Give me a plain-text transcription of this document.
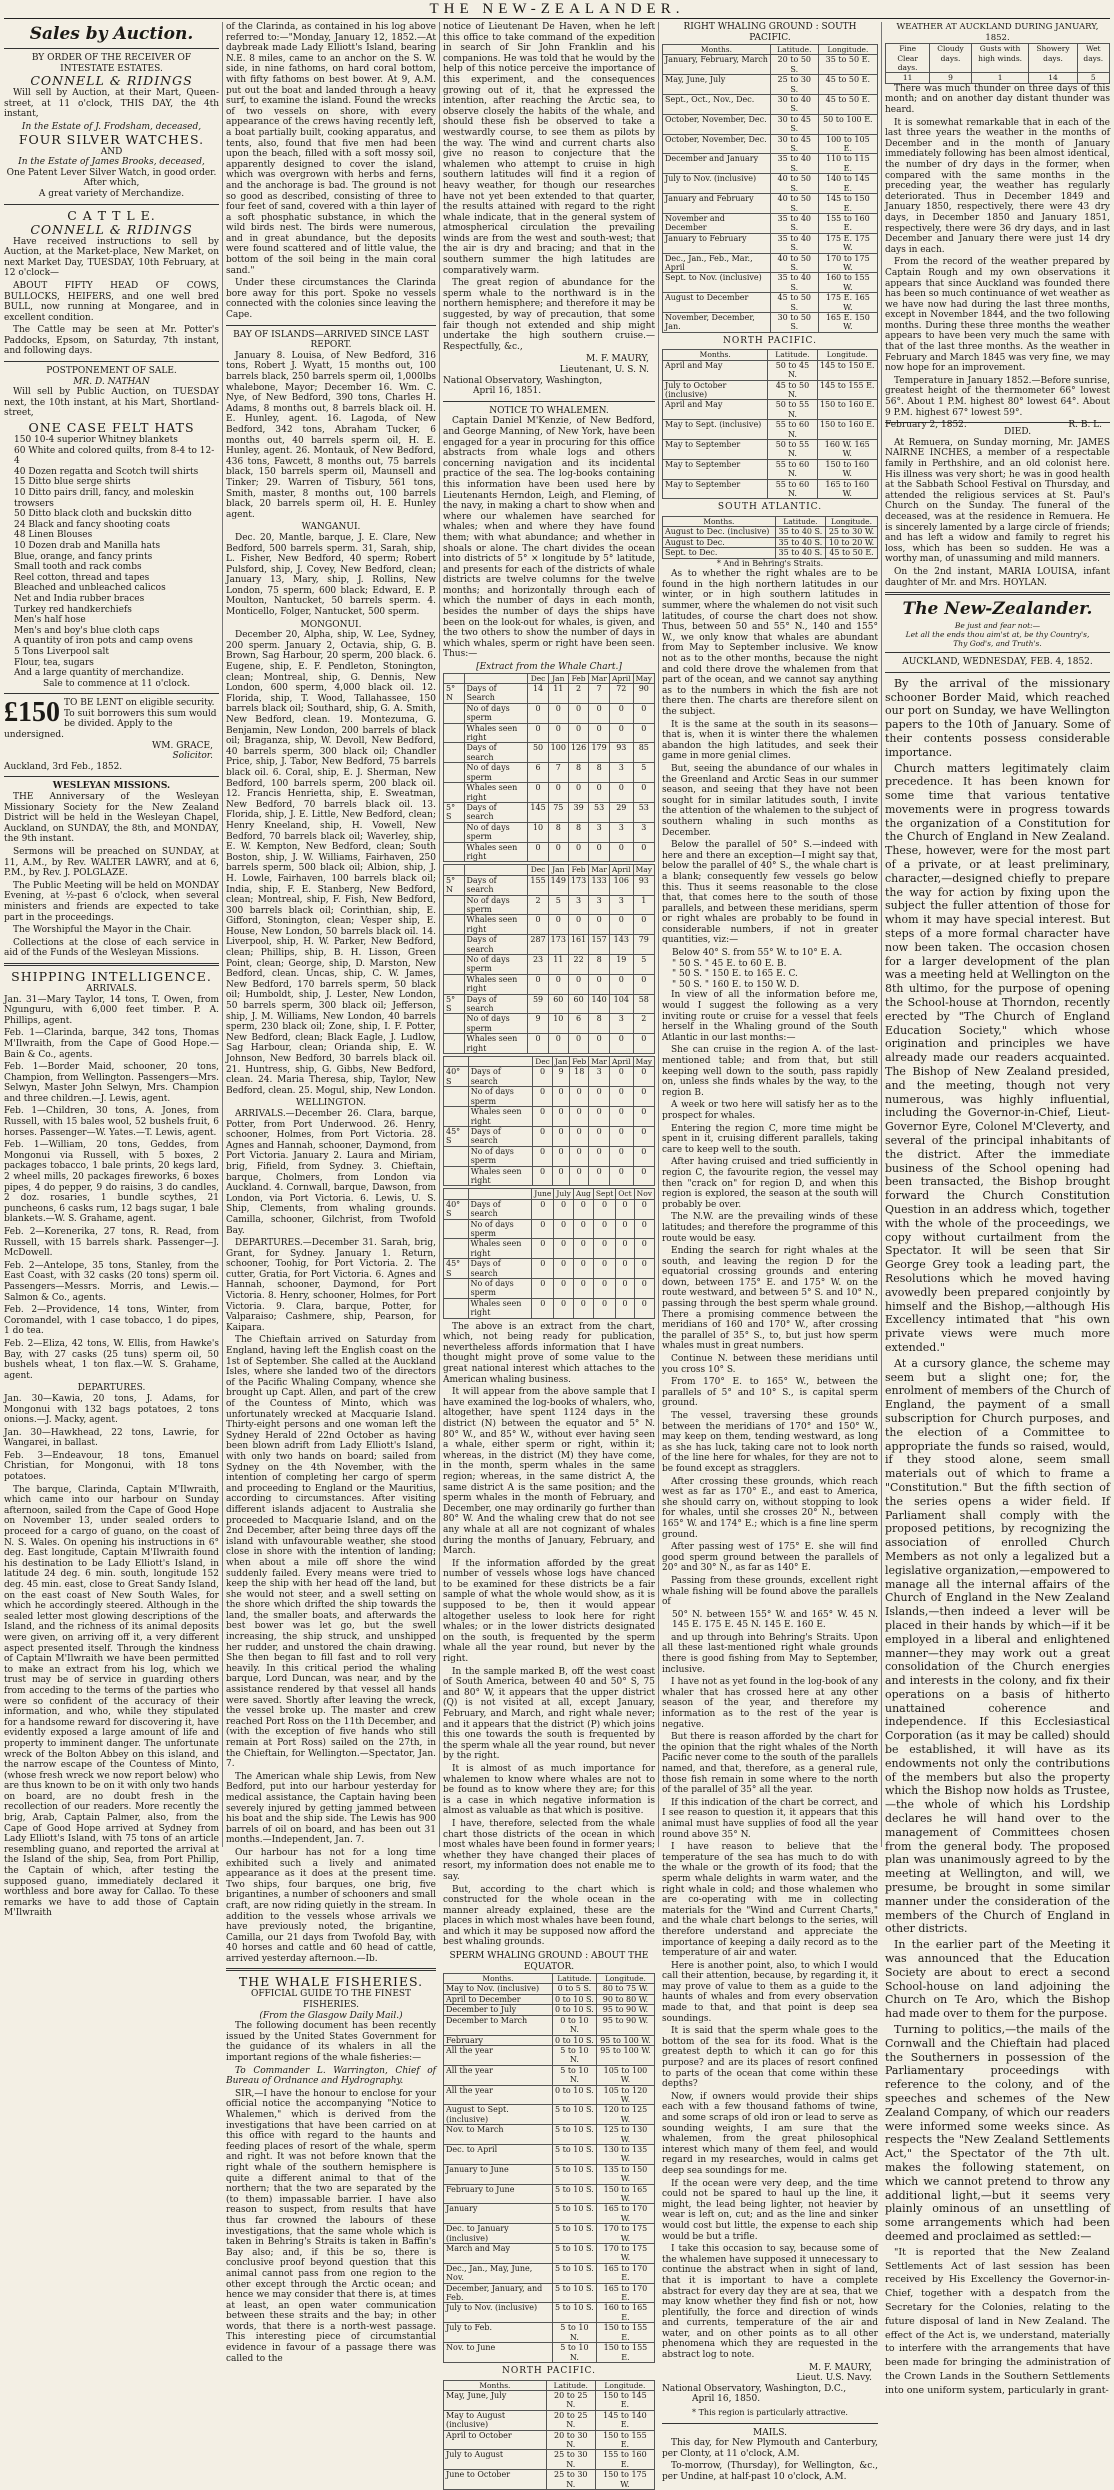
THE NEW-ZEALANDER.
Sales by Auction.
BY ORDER OF THE RECEIVER OF INTESTATE ESTATES.
CONNELL & RIDINGS

Will sell by Auction, at their Mart, Queen-street, at 11 o'clock, THIS DAY, the 4th instant,

In the Estate of J. Frodsham, deceased,
FOUR SILVER WATCHES.
AND
In the Estate of James Brooks, deceased,
One Patent Lever Silver Watch, in good order.
After which,
A great variety of Merchandize.
C A T T L E.
CONNELL & RIDINGS

Have received instructions to sell by Auction, at the Market-place, New Market, on next Market Day, TUESDAY, 10th February, at 12 o'clock—

ABOUT FIFTY HEAD OF COWS, BULLOCKS, HEIFERS, and one well bred BULL, now running at Mongaree, and in excellent condition.

The Cattle may be seen at Mr. Potter's Paddocks, Epsom, on Saturday, 7th instant, and following days.

POSTPONEMENT OF SALE.
MR. D. NATHAN

Will sell by Public Auction, on TUESDAY next, the 10th instant, at his Mart, Shortland-street,

ONE CASE FELT HATS
150 10-4 superior Whitney blankets
60 White and colored quilts, from 8-4 to 12-4
40 Dozen regatta and Scotch twill shirts
15 Ditto blue serge shirts
10 Ditto pairs drill, fancy, and moleskin trowsers
50 Ditto black cloth and buckskin ditto
24 Black and fancy shooting coats
48 Linen Blouses
10 Dozen drab and Manilla hats
Blue, orange, and fancy prints
Small tooth and rack combs
Reel cotton, thread and tapes
Bleached and unbleached calicos
Net and India rubber braces
Turkey red handkerchiefs
Men's half hose
Men's and boy's blue cloth caps
A quantity of iron pots and camp ovens
5 Tons Liverpool salt
Flour, tea, sugars
And a large quantity of merchandize.
Sale to commence at 11 o'clock.
£150 TO BE LENT on eligible security. To suit borrowers this sum would be divided. Apply to the undersigned.
WM. GRACE,
Solicitor.
Auckland, 3rd Feb., 1852.
WESLEYAN MISSIONS.

THE Anniversary of the Wesleyan Missionary Society for the New Zealand District will be held in the Wesleyan Chapel, Auckland, on SUNDAY, the 8th, and MONDAY, the 9th instant.

Sermons will be preached on SUNDAY, at 11, A.M., by Rev. WALTER LAWRY, and at 6, P.M., by Rev. J. POLGLAZE.

The Public Meeting will be held on MONDAY Evening, at ½-past 6 o'clock, when several ministers and friends are expected to take part in the proceedings.

The Worshipful the Mayor in the Chair.

Collections at the close of each service in aid of the Funds of the Wesleyan Missions.

SHIPPING INTELLIGENCE.
ARRIVALS.

Jan. 31—Mary Taylor, 14 tons, T. Owen, from Ngunguru, with 6,000 feet timber. P. A. Phillips, agent.

Feb. 1—Clarinda, barque, 342 tons, Thomas M'Ilwraith, from the Cape of Good Hope.—Bain & Co., agents.

Feb. 1—Border Maid, schooner, 20 tons, Champion, from Wellington. Passengers—Mrs. Selwyn, Master John Selwyn, Mrs. Champion and three children.—J. Lewis, agent.

Feb. 1—Children, 30 tons, A. Jones, from Russell, with 15 bales wool, 52 bushels fruit, 6 horses. Passenger—W. Yates.—T. Lewis, agent.

Feb. 1—William, 20 tons, Geddes, from Mongonui via Russell, with 5 boxes, 2 packages tobacco, 1 bale prints, 20 kegs lard, 2 wheel mills, 20 packages fireworks, 6 boxes pipes, 4 do pepper, 9 do raisins, 3 do candles, 2 doz. rosaries, 1 bundle scythes, 21 puncheons, 6 casks rum, 12 bags sugar, 1 bale blankets.—W. S. Grahame, agent.

Feb. 2—Korenerika, 27 tons, R. Read, from Russell, with 15 barrels shark. Passenger—J. McDowell.

Feb. 2—Antelope, 35 tons, Stanley, from the East Coast, with 32 casks (20 tons) sperm oil. Passengers—Messrs. Morris, and Lewis.—Salmon & Co., agents.

Feb. 2—Providence, 14 tons, Winter, from Coromandel, with 1 case tobacco, 1 do pipes, 1 do tea.

Feb. 2—Eliza, 42 tons, W. Ellis, from Hawke's Bay, with 27 casks (25 tuns) sperm oil, 50 bushels wheat, 1 ton flax.—W. S. Grahame, agent.

DEPARTURES.

Jan. 30—Kawia, 20 tons, J. Adams, for Mongonui with 132 bags potatoes, 2 tons onions.—J. Macky, agent.

Jan. 30—Hawkhead, 22 tons, Lawrie, for Wangarei, in ballast.

Feb. 3—Endeavour, 18 tons, Emanuel Christian, for Mongonui, with 18 tons potatoes.

The barque, Clarinda, Captain M'Ilwraith, which came into our harbour on Sunday afternoon, sailed from the Cape of Good Hope on November 13, under sealed orders to proceed for a cargo of guano, on the coast of N. S. Wales. On opening his instructions in 6° deg. East longitude, Captain M'Ilwraith found his destination to be Lady Elliott's Island, in latitude 24 deg. 6 min. south, longitude 152 deg. 45 min. east, close to Great Sandy Island, on the east coast of New South Wales, for which he accordingly steered. Although in the sealed letter most glowing descriptions of the Island, and the richness of its animal deposits were given, on arriving off it, a very different aspect presented itself. Through the kindness of Captain M'Ilwraith we have been permitted to make an extract from his log, which we trust may be of service in guarding others from acceding to the terms of the parties who were so confident of the accuracy of their information, and who, while they stipulated for a handsome reward for discovering it, have evidently exposed a large amount of life and property to imminent danger. The unfortunate wreck of the Bolton Abbey on this island, and the narrow escape of the Countess of Minto, (whose fresh wreck we now report below) who are thus known to be on it with only two hands on board, are no doubt fresh in the recollection of our readers. More recently the brig, Arab, Captain Palmer, also, from the Cape of Good Hope arrived at Sydney from Lady Elliott's Island, with 75 tons of an article resembling guano, and reported the arrival at the Island of the ship, Sea, from Port Phillip, the Captain of which, after testing the supposed guano, immediately declared it worthless and bore away for Callao. To these remarks we have to add those of Captain M'Ilwraith

of the Clarinda, as contained in his log above referred to:—"Monday, January 12, 1852.—At daybreak made Lady Elliott's Island, bearing N.E. 8 miles, came to an anchor on the S. W. side, in nine fathoms, on hard coral bottom, with fifty fathoms on best bower. At 9, A.M. put out the boat and landed through a heavy surf, to examine the island. Found the wrecks of two vessels on shore, with every appearance of the crews having recently left, a boat partially built, cooking apparatus, and tents, also, found that five men had been upon the beach, filled with a soft mossy soil, apparently designed to cover the island, which was overgrown with herbs and ferns, and the anchorage is bad. The ground is not so good as described, consisting of three to four feet of sand, covered with a thin layer of a soft phosphatic substance, in which the wild birds nest. The birds were numerous, and in great abundance, but the deposits were found scattered and of little value, the bottom of the soil being in the main coral sand."

Under these circumstances the Clarinda bore away for this port. Spoke no vessels connected with the colonies since leaving the Cape.

BAY OF ISLANDS—ARRIVED SINCE LAST REPORT.

January 8. Louisa, of New Bedford, 316 tons, Robert J. Wyatt, 15 months out, 100 barrels black, 250 barrels sperm oil, 1,000lbs whalebone, Mayor; December 16. Wm. C. Nye, of New Bedford, 390 tons, Charles H. Adams, 8 months out, 8 barrels black oil. H. E. Hunley, agent. 16. Lagoda, of New Bedford, 342 tons, Abraham Tucker, 6 months out, 40 barrels sperm oil, H. E. Hunley, agent. 26. Montauk, of New Bedford, 436 tons, Fawcett, 8 months out, 75 barrels black, 150 barrels sperm oil, Maunsell and Tinker; 29. Warren of Tisbury, 561 tons, Smith, master, 8 months out, 100 barrels black, 20 barrels sperm oil, H. E. Hunley agent.

WANGANUI.

Dec. 20, Mantle, barque, J. E. Clare, New Bedford, 500 barrels sperm. 31, Sarah, ship, L. Fisher, New Bedford, 40 sperm; Robert Pulsford, ship, J. Covey, New Bedford, clean; January 13, Mary, ship, J. Rollins, New London, 75 sperm, 600 black; Edward, E. P. Moulton, Nantucket, 50 barrels sperm. 4. Monticello, Folger, Nantucket, 500 sperm.

MONGONUI.

December 20, Alpha, ship, W. Lee, Sydney, 200 sperm. January 2, Octavia, ship, G. B. Brown, Sag Harbour, 20 sperm, 200 black. 6. Eugene, ship, E. F. Pendleton, Stonington, clean; Montreal, ship, G. Dennis, New London, 600 sperm, 4,000 black oil. 12. Florida, ship, T. Wood, Tallahassee, 150 barrels black oil; Southard, ship, G. A. Smith, New Bedford, clean. 19. Montezuma, G. Benjamin, New London, 200 barrels of black oil; Braganza, ship, W. Devoll, New Bedford, 40 barrels sperm, 300 black oil; Chandler Price, ship, J. Tabor, New Bedford, 75 barrels black oil. 6. Coral, ship, E. J. Sherman, New Bedford, 100 barrels sperm, 200 black oil. 12. Francis Henrietta, ship, E. Sweatman, New Bedford, 70 barrels black oil. 13. Florida, ship, J. E. Little, New Bedford, clean; Henry Kneeland, ship, H. Vowell, New Bedford, 70 barrels black oil; Waverley, ship, E. W. Kempton, New Bedford, clean; South Boston, ship, J. W. Williams, Fairhaven, 250 barrels sperm, 500 black oil; Albion, ship, J. H. Lowle, Fairhaven, 100 barrels black oil; India, ship, F. E. Stanberg, New Bedford, clean; Montreal, ship, F. Fish, New Bedford, 300 barrels black oil; Corinthian, ship, E. Gifford, Stonington, clean; Vesper ship, E. House, New London, 50 barrels black oil. 14. Liverpool, ship, H. W. Parker, New Bedford, clean; Phillips, ship, B. H. Lisson, Green Point, clean; George, ship, D. Marston, New Bedford, clean. Uncas, ship, C. W. James, New Bedford, 170 barrels sperm, 50 black oil; Humboldt, ship, J. Lester, New London, 50 barrels sperm, 300 black oil; Jefferson, ship, J. M. Williams, New London, 40 barrels sperm, 230 black oil; Zone, ship, I. F. Potter, New Bedford, clean; Black Eagle, J. Ludlow, Sag Harbour, clean; Orianda ship, E. W. Johnson, New Bedford, 30 barrels black oil. 21. Huntress, ship, G. Gibbs, New Bedford, clean. 24. Maria Theresa, ship, Taylor, New Bedford, clean. 25. Mogul, ship, New London.

WELLINGTON.

ARRIVALS.—December 26. Clara, barque, Potter, from Port Underwood. 26. Henry, schooner, Holmes, from Port Victoria. 28. Agnes and Hannah, schooner, Daymond, from Port Victoria. January 2. Laura and Miriam, brig, Fifield, from Sydney. 3. Chieftain, barque, Cholmers, from London via Auckland. 4. Cornwall, barque, Dawson, from London, via Port Victoria. 6. Lewis, U. S. Ship, Clements, from whaling grounds. Camilla, schooner, Gilchrist, from Twofold Bay.

DEPARTURES.—December 31. Sarah, brig, Grant, for Sydney. January 1. Return, schooner, Toohig, for Port Victoria. 2. The cutter, Gratia, for Port Victoria. 6. Agnes and Hannah, schooner, Daymond, for Port Victoria. 8. Henry, schooner, Holmes, for Port Victoria. 9. Clara, barque, Potter, for Valparaiso; Cashmere, ship, Pearson, for Kaipara.

The Chieftain arrived on Saturday from England, having left the English coast on the 1st of September. She called at the Auckland Isles, where she landed two of the directors of the Pacific Whaling Company, whence she brought up Capt. Allen, and part of the crew of the Countess of Minto, which was unfortunately wrecked at Macquarie Island. Thirty-eight persons and one woman left the Sydney Herald of 22nd October as having been blown adrift from Lady Elliott's Island, with only two hands on board; sailed from Sydney on the 4th November, with the intention of completing her cargo of sperm and proceeding to England or the Mauritius, according to circumstances. After visiting different islands adjacent to Australia she proceeded to Macquarie Island, and on the 2nd December, after being three days off the island with unfavourable weather, she stood close in shore with the intention of landing; when about a mile off shore the wind suddenly failed. Every means were tried to keep the ship with her head off the land, but she would not steer, and a swell setting on the shore which drifted the ship towards the land, the smaller boats, and afterwards the best bower was let go, but the swell increasing, the ship struck, and unshipped her rudder, and unstored the chain drawing. She then began to fill fast and to roll very heavily. In this critical period the whaling barque, Lord Duncan, was near, and by the assistance rendered by that vessel all hands were saved. Shortly after leaving the wreck, the vessel broke up. The master and crew reached Port Ross on the 11th December, and (with the exception of five hands who still remain at Port Ross) sailed on the 27th, in the Chieftain, for Wellington.—Spectator, Jan. 7.

The American whale ship Lewis, from New Bedford, put into our harbour yesterday for medical assistance, the Captain having been severely injured by getting jammed between his boat and the ship side. The Lewis has 900 barrels of oil on board, and has been out 31 months.—Independent, Jan. 7.

Our harbour has not for a long time exhibited such a lively and animated appearance as it does at the present time. Two ships, four barques, one brig, five brigantines, a number of schooners and small craft, are now riding quietly in the stream. In addition to the vessels whose arrivals we have previously noted, the brigantine, Camilla, our 21 days from Twofold Bay, with 40 horses and cattle and 60 head of cattle, arrived yesterday afternoon.—Ib.

THE WHALE FISHERIES.
OFFICIAL GUIDE TO THE FINEST FISHERIES.
(From the Glasgow Daily Mail.)

The following document has been recently issued by the United States Government for the guidance of its whalers in all the important regions of the whale fisheries:—

To Commander L. Warrington, Chief of Bureau of Ordnance and Hydrography.

SIR,—I have the honour to enclose for your official notice the accompanying "Notice to Whalemen," which is derived from the investigations that have been carried on at this office with regard to the haunts and feeding places of resort of the whale, sperm and right. It was not before known that the right whale of the southern hemisphere is quite a different animal to that of the northern; that the two are separated by the (to them) impassable barrier. I have also reason to suspect, from results that have thus far crowned the labours of these investigations, that the same whole which is taken in Behring's Straits is taken in Baffin's Bay also; and, if this be so, there is conclusive proof beyond question that this animal cannot pass from one region to the other except through the Arctic ocean; and hence we may consider that there is, at times at least, an open water communication between these straits and the bay; in other words, that there is a north-west passage. This interesting piece of circumstantial evidence in favour of a passage there was called to the

notice of Lieutenant De Haven, when he left this office to take command of the expedition in search of Sir John Franklin and his companions. He was told that he would by the help of this notice perceive the importance of this experiment, and the consequences growing out of it, that he expressed the intention, after reaching the Arctic sea, to observe closely the habits of the whale, and should these fish be observed to take a westwardly course, to see them as pilots by the way. The wind and current charts also give no reason to conjecture that the whalemen who attempt to cruise in high southern latitudes will find it a region of heavy weather, for though our researches have not yet been extended to that quarter, the results attained with regard to the right whale indicate, that in the general system of atmospherical circulation the prevailing winds are from the west and south-west; that the air is dry and bracing; and that in the southern summer the high latitudes are comparatively warm.

The great region of abundance for the sperm whale to the northward is in the northern hemisphere; and therefore it may be suggested, by way of precaution, that some fair though not extended and ship might undertake the high southern cruise.—Respectfully, &c.,

M. F. MAURY,
Lieutenant, U. S. N.
National Observatory, Washington,
April 16, 1851.
NOTICE TO WHALEMEN.

Captain Daniel M'Kenzie, of New Bedford, and George Manning, of New York, have been engaged for a year in procuring for this office abstracts from whale logs and others concerning navigation and its incidental practice of the sea. The log-books containing this information have been used here by Lieutenants Herndon, Leigh, and Fleming, of the navy, in making a chart to show when and where our whalemen have searched for whales; when and where they have found them; with what abundance; and whether in shoals or alone. The chart divides the ocean into districts of 5° × longitude by 5° latitude, and presents for each of the districts of whale districts are twelve columns for the twelve months; and horizontally through each of which the number of days in each month, besides the number of days the ships have been on the look-out for whales, is given, and the two others to show the number of days in which whales, sperm or right have been seen. Thus:—

[Extract from the Whale Chart.]
		Dec	Jan	Feb	Mar	April	May
5° N	Days of Search	14	11	2	7	72	90
	No of days sperm	0	0	0	0	0	0
	Whales seen right	0	0	0	0	0	0
	Days of search	50	100	126	179	93	85
	No of days sperm	6	7	8	8	3	5
	Whales seen right	0	0	0	0	0	0
5° S	Days of search	145	75	39	53	29	53
	No of days sperm	10	8	8	3	3	3
	Whales seen right	0	0	0	0	0	0
		Dec	Jan	Feb	Mar	April	May
5° N	Days of search	155	149	173	133	106	93
	No of days sperm	2	5	3	3	3	1
	Whales seen right	0	0	0	0	0	0
	Days of search	287	173	161	157	143	79
	No of days sperm	23	11	22	8	19	5
	Whales seen right	0	0	0	0	0	0
5° S	Days of search	59	60	60	140	104	58
	No of days sperm	9	10	6	8	3	2
	Whales seen right	0	0	0	0	0	0
		Dec	Jan	Feb	Mar	April	May
40° S	Days of search	0	9	18	3	0	0
	No of days sperm	0	0	0	0	0	0
	Whales seen right	0	0	0	0	0	0
45° S	Days of search	0	0	0	0	0	0
	No of days sperm	0	0	0	0	0	0
	Whales seen right	0	0	0	0	0	0
		June	July	Aug	Sept	Oct	Nov
40° S	Days of search	0	0	0	0	0	0
	No of days sperm	0	0	0	0	0	0
	Whales seen right	0	0	0	0	0	0
45° S	Days of search	0	0	0	0	0	0
	No of days sperm	0	0	0	0	0	0
	Whales seen right	0	0	0	0	0	0

The above is an extract from the chart, which, not being ready for publication, nevertheless affords information that I have thought might prove of some value to the great national interest which attaches to the American whaling business.

It will appear from the above sample that I have examined the log-books of whalers, who, altogether, have spent 1124 days in the district (N) between the equator and 5° N. 80° W., and 85° W., without ever having seen a whale, either sperm or right, within it; whereas, in the district (M) they have come, in the month, sperm whales in the same region; whereas, in the same district A, the same district A is the same position; and the sperm whales in the month of February, and December, one may ordinarily go further than 80° W. And the whaling crew that do not see any whale at all are not cognizant of whales during the months of January, February, and March.

If the information afforded by the great number of vessels whose logs have chanced to be examined for these districts be a fair sample of what the whole would show, as it is supposed to be, then it would appear altogether useless to look here for right whales; or in the lower districts designated on the south, is frequented by the sperm whale all the year round, but never by the right.

In the sample marked B, off the west coast of South America, between 40 and 50° S, 75 and 80° W, it appears that the upper district (Q) is not visited at all, except January, February, and March, and right whale never; and it appears that the district (P) which joins this one towards the south is frequented by the sperm whale all the year round, but never by the right.

It is almost of as much importance for whalemen to know where whales are not to be found as to know where they are; for this is a case in which negative information is almost as valuable as that which is positive.

I have, therefore, selected from the whale chart those districts of the ocean in which most whales have been found in former years; whether they have changed their places of resort, my information does not enable me to say.

But, according to the chart which is constructed for the whole ocean in the manner already explained, these are the places in which most whales have been found, and which it may be supposed now afford the best whaling grounds.

SPERM WHALING GROUND : ABOUT THE EQUATOR.
Months.	Latitude.	Longitude.
May to Nov. (inclusive)	0 to 5 S.	80 to 75 W.
April to December	0 to 10 S.	90 to 80 W.
December to July	0 to 10 S.	95 to 90 W.
December to March	0 to 10 N.	95 to 90 W.
February	0 to 10 S.	95 to 100 W.
All the year	5 to 10 N.	95 to 100 W.
All the year	5 to 10 N.	105 to 100 W.
All the year	0 to 10 S.	105 to 120 W.
August to Sept. (inclusive)	5 to 10 S.	120 to 125 W.
Nov. to March	5 to 10 S.	125 to 130 W.
Dec. to April	5 to 10 S.	130 to 135 W.
January to June	5 to 10 S.	135 to 150 W.
February to June	5 to 10 S.	150 to 165 W.
January	5 to 10 S.	165 to 170 W.
Dec. to January (inclusive)	5 to 10 S.	170 to 175 W.
March and May	5 to 10 S.	170 to 175 W.
Dec., Jan., May, June, Nov.	5 to 10 S.	165 to 170 E.
December, January, and Feb.	5 to 10 S.	165 to 170 E.
July to Nov. (inclusive)	5 to 10 S.	160 to 165 E.
July to Feb.	5 to 10 N.	150 to 155 E.
Nov. to June	5 to 10 N.	150 to 155 E.
NORTH PACIFIC.
Months.	Latitude.	Longitude.
May, June, July	20 to 25 N.	150 to 145 E.
May to August (inclusive)	20 to 25 N.	145 to 140 E.
April to October	20 to 30 N.	150 to 155 E.
July to August	25 to 30 N.	155 to 160 E.
June to October	25 to 30 N.	150 to 175 W.
RIGHT WHALING GROUND : SOUTH PACIFIC.
Months.	Latitude.	Longitude.
January, February, March	20 to 50 S.	35 to 50 E.
May, June, July	25 to 30 S.	45 to 50 E.
Sept., Oct., Nov., Dec.	30 to 40 S.	45 to 50 E.
October, November, Dec.	30 to 45 S.	50 to 100 E.
October, November, Dec.	30 to 45 S.	100 to 105 E.
December and January	35 to 40 S.	110 to 115 E.
July to Nov. (inclusive)	40 to 50 S.	140 to 145 E.
January and February	40 to 50 S.	145 to 150 E.
November and December	35 to 40 S.	155 to 160 E.
January to February	35 to 40 S.	175 E. 175 W.
Dec., Jan., Feb., Mar., April	40 to 50 S.	170 to 175 W.
Sept. to Nov. (inclusive)	35 to 40 S.	160 to 155 W.
August to December	45 to 50 S.	175 E. 165 W.
November, December, Jan.	30 to 50 S.	165 E. 150 W.
NORTH PACIFIC.
Months.	Latitude.	Longitude.
April and May	50 to 45 N.	145 to 150 E.
July to October (inclusive)	45 to 50 N.	145 to 155 E.
April and May	50 to 55 N.	150 to 160 E.
May to Sept. (inclusive)	55 to 60 N.	150 to 160 E.
May to September	50 to 55 N.	160 W. 165 W.
May to September	55 to 60 N.	150 to 160 W.
May to September	55 to 60 N.	165 to 160 W.
SOUTH ATLANTIC.
Months.	Latitude.	Longitude.
August to Dec. (inclusive)	35 to 40 S.	25 to 30 W.
August to Dec.	35 to 40 S.	10 to 20 W.
Sept. to Dec.	35 to 40 S.	45 to 50 E.
* And in Behring's Straits.

As to whether the right whales are to be found in the high northern latitudes in our winter, or in high southern latitudes in summer, where the whalemen do not visit such latitudes, of course the chart does not show. Thus, between 50 and 55° N., 140 and 155° W., we only know that whales are abundant from May to September inclusive. We know not as to the other months, because the night and cold there drove the whalemen from that part of the ocean, and we cannot say anything as to the numbers in which the fish are not there then. The charts are therefore silent on the subject.

It is the same at the south in its seasons—that is, when it is winter there the whalemen abandon the high latitudes, and seek their game in more genial climes.

But, seeing the abundance of our whales in the Greenland and Arctic Seas in our summer season, and seeing that they have not been sought for in similar latitudes south, I invite the attention of the whalemen to the subject of southern whaling in such months as December.

Below the parallel of 50° S.—indeed with here and there an exception—I might say that, below the parallel of 40° S., the whale chart is a blank; consequently few vessels go below this. Thus it seems reasonable to the close that, that comes here to the south of those parallels, and between these meridians, sperm or right whales are probably to be found in considerable numbers, if not in greater quantities, viz:—

Below 40° S. from 55° W. to 10° E. A.
" 50 S. " 45 E. to 60 E. B.
" 50 S. " 150 E. to 165 E. C.
" 50 S. " 160 E. to 150 W. D.

In view of all the information before me, would I suggest the following as a very inviting route or cruise for a vessel that feels herself in the Whaling ground of the South Atlantic in our last months:—

She can cruise in the region A. of the last-mentioned table; and from that, but still keeping well down to the south, pass rapidly on, unless she finds whales by the way, to the region B.

A week or two here will satisfy her as to the prospect for whales.

Entering the region C, more time might be spent in it, cruising different parallels, taking care to keep well to the south.

After having cruised and tried sufficiently in region C, the favourite region, the vessel may then "crack on" for region D, and when this region is explored, the season at the south will probably be over.

The N.W. are the prevailing winds of these latitudes; and therefore the programme of this route would be easy.

Ending the search for right whales at the south, and leaving the region D for the equatorial crossing grounds and entering down, between 175° E. and 175° W. on the route westward, and between 5° S. and 10° N., passing through the best sperm whale ground. There a promising commence between the meridians of 160 and 170° W., after crossing the parallel of 35° S., to, but just how sperm whales must in great numbers.

Continue N. between these meridians until you cross 10° S.

From 170° E. to 165° W., between the parallels of 5° and 10° S., is capital sperm ground.

The vessel, traversing these grounds between the meridians of 170° and 150° W., may keep on them, tending westward, as long as she has luck, taking care not to look north of the line here for whales, for they are not to be found except as stragglers.

After crossing these grounds, which reach west as far as 170° E., and east to America, she should carry on, without stopping to look for whales, until she crosses 20° N., between 165° W. and 174° E.; which is a fine line sperm ground.

After passing west of 175° E. she will find good sperm ground between the parallels of 20° and 30° N., as far as 140° E.

Passing from these grounds, excellent right whale fishing will be found above the parallels of

50° N. between 155° W. and 165° W. 45 N. 145 E. 175 E. 45 N. 145 E. 160 E.

and up through into Behring's Straits. Upon all these last-mentioned right whale grounds there is good fishing from May to September, inclusive.

I have not as yet found in the log-book of any whaler that has crossed here at any other season of the year, and therefore my information as to the rest of the year is negative.

But there is reason afforded by the chart for the opinion that the right whales of the North Pacific never come to the south of the parallels named, and that, therefore, as a general rule, those fish remain in some where to the north of the parallel of 35° all the year.

If this indication of the chart be correct, and I see reason to question it, it appears that this animal must have supplies of food all the year round above 35° N.

I have reason to believe that the temperature of the sea has much to do with the whale or the growth of its food; that the sperm whale delights in warm water, and the right whale in cold; and those whalemen who are co-operating with me in collecting materials for the "Wind and Current Charts," and the whale chart belongs to the series, will therefore understand and appreciate the importance of keeping a daily record as to the temperature of air and water.

Here is another point, also, to which I would call their attention, because, by regarding it, it may prove of value to them as a guide to the haunts of whales and from every observation made to that, and that point is deep sea soundings.

It is said that the sperm whale goes to the bottom of the sea for its food. What is the greatest depth to which it can go for this purpose? and are its places of resort confined to parts of the ocean that come within these depths?

Now, if owners would provide their ships each with a few thousand fathoms of twine, and some scraps of old iron or lead to serve as sounding weights, I am sure that the whalemen, from the great philosophical interest which many of them feel, and would regard in my researches, would in calms get deep sea soundings for me.

If the ocean were very deep, and the time could not be spared to haul up the line, it might, the lead being lighter, not heavier by wear is left on, cut; and as the line and sinker would cost but little, the expense to each ship would be but a trifle.

I take this occasion to say, because some of the whalemen have supposed it unnecessary to continue the abstract when in sight of land, that it is important to have a complete abstract for every day they are at sea, that we may know whether they find fish or not, how plentifully, the force and direction of winds and currents, temperature of the air and water, and on other points as to all other phenomena which they are requested in the abstract log to note.

M. F. MAURY,
Lieut. U.S. Navy.
National Observatory, Washington, D.C.,
April 16, 1850.
* This region is particularly attractive.
MAILS.

This day, for New Plymouth and Canterbury, per Clonty, at 11 o'clock, A.M.

To-morrow, (Thursday), for Wellington, &c., per Undine, at half-past 10 o'clock, A.M.

WEATHER AT AUCKLAND DURING JANUARY, 1852.
Fine Clear days.	Cloudy days.	Gusts with high winds.	Showery days.	Wet days.
11	9	1	14	5

There was much thunder on three days of this month; and on another day distant thunder was heard.

It is somewhat remarkable that in each of the last three years the weather in the months of December and in the month of January immediately following has been almost identical, the number of dry days in the former, when compared with the same months in the preceding year, the weather has regularly deteriorated. Thus in December 1849 and January 1850, respectively, there were 43 dry days, in December 1850 and January 1851, respectively, there were 36 dry days, and in last December and January there were just 14 dry days in each.

From the record of the weather prepared by Captain Rough and my own observations it appears that since Auckland was founded there has been so much continuance of wet weather as we have now had during the last three months, except in November 1844, and the two following months. During these three months the weather appears to have been very much the same with that of the last three months. As the weather in February and March 1845 was very fine, we may now hope for an improvement.

Temperature in January 1852.—Before sunrise, greatest height of the thermometer 66° lowest 56°. About 1 P.M. highest 80° lowest 64°. About 9 P.M. highest 67° lowest 59°.

February 2, 1852.	R. B. L.
DIED.

At Remuera, on Sunday morning, Mr. JAMES NAIRNE INCHES, a member of a respectable family in Perthshire, and an old colonist here. His illness was very short; he was in good health at the Sabbath School Festival on Thursday, and attended the religious services at St. Paul's Church on the Sunday. The funeral of the deceased, was at the residence in Remuera. He is sincerely lamented by a large circle of friends; and has left a widow and family to regret his loss, which has been so sudden. He was a worthy man, of unassuming and mild manners.

On the 2nd instant, MARIA LOUISA, infant daughter of Mr. and Mrs. HOYLAN.

The New-Zealander.
Be just and fear not:—
Let all the ends thou aim'st at, be thy Country's,
Thy God's, and Truth's.
AUCKLAND, WEDNESDAY, FEB. 4, 1852.

By the arrival of the missionary schooner Border Maid, which reached our port on Sunday, we have Wellington papers to the 10th of January. Some of their contents possess considerable importance.

Church matters legitimately claim precedence. It has been known for some time that various tentative movements were in progress towards the organization of a Constitution for the Church of England in New Zealand. These, however, were for the most part of a private, or at least preliminary, character,—designed chiefly to prepare the way for action by fixing upon the subject the fuller attention of those for whom it may have special interest. But steps of a more formal character have now been taken. The occasion chosen for a larger development of the plan was a meeting held at Wellington on the 8th ultimo, for the purpose of opening the School-house at Thorndon, recently erected by "The Church of England Education Society," which whose origination and principles we have already made our readers acquainted. The Bishop of New Zealand presided, and the meeting, though not very numerous, was highly influential, including the Governor-in-Chief, Lieut-Governor Eyre, Colonel M'Cleverty, and several of the principal inhabitants of the district. After the immediate business of the School opening had been transacted, the Bishop brought forward the Church Constitution Question in an address which, together with the whole of the proceedings, we copy without curtailment from the Spectator. It will be seen that Sir George Grey took a leading part, the Resolutions which he moved having avowedly been prepared conjointly by himself and the Bishop,—although His Excellency intimated that "his own private views were much more extended."

At a cursory glance, the scheme may seem but a slight one; for, the enrolment of members of the Church of England, the payment of a small subscription for Church purposes, and the election of a Committee to appropriate the funds so raised, would, if they stood alone, seem small materials out of which to frame a "Constitution." But the fifth section of the series opens a wider field. If Parliament shall comply with the proposed petitions, by recognizing the association of enrolled Church Members as not only a legalized but a legislative organization,—empowered to manage all the internal affairs of the Church of England in the New Zealand Islands,—then indeed a lever will be placed in their hands by which—if it be employed in a liberal and enlightened manner—they may work out a great consolidation of the Church energies and interests in the colony, and fix their operations on a basis of hitherto unattained coherence and independence. If this Ecclesiastical Corporation (as it may be called) should be established, it will have as its endowments not only the contributions of the members but also the property which the Bishop now holds as Trustee,—the whole of which his Lordship declares he will hand over to the management of Committees chosen from the general body. The proposed plan was unanimously agreed to by the meeting at Wellington, and will, we presume, be brought in some similar manner under the consideration of the members of the Church of England in other districts.

In the earlier part of the Meeting it was announced that the Education Society are about to erect a second School-house on land adjoining the Church on Te Aro, which the Bishop had made over to them for the purpose.

Turning to politics,—the mails of the Cornwall and the Chieftain had placed the Southerners in possession of the Parliamentary proceedings with reference to the colony, and of the speeches and schemes of the New Zealand Company, of which our readers were informed some weeks since. As respects the "New Zealand Settlements Act," the Spectator of the 7th ult. makes the following statement, on which we cannot pretend to throw any additional light,—but it seems very plainly ominous of an unsettling of some arrangements which had been deemed and proclaimed as settled:—

"It is reported that the New Zealand Settlements Act of last session has been received by His Excellency the Governor-in-Chief, together with a despatch from the Secretary for the Colonies, relating to the future disposal of land in New Zealand. The effect of the Act is, we understand, materially to interfere with the arrangements that have been made for bringing the administration of the Crown Lands in the Southern Settlements into one uniform system, particularly in grant-
